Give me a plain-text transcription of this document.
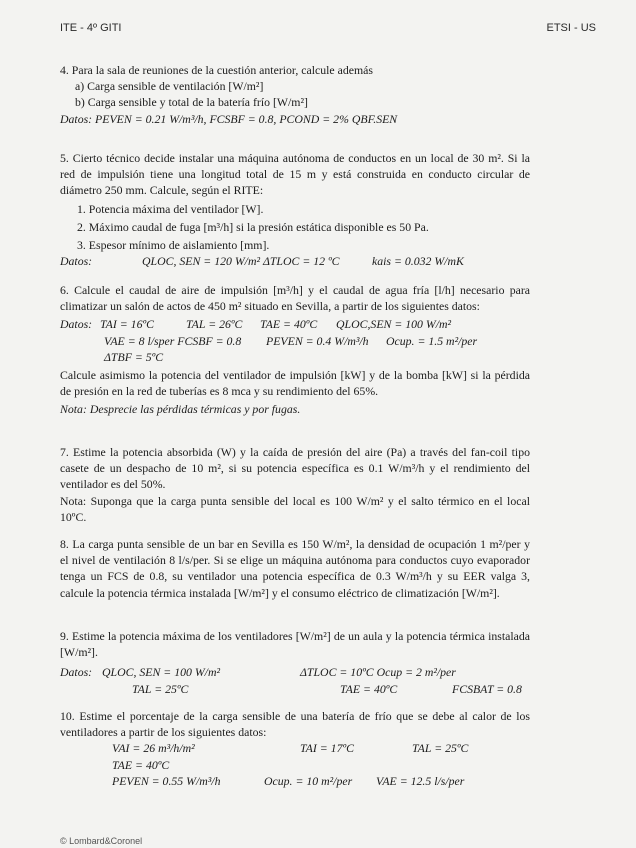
ITE - 4º GITI	ETSI - US

4. Para la sala de reuniones de la cuestión anterior, calcule además

a) Carga sensible de ventilación [W/m²]

b) Carga sensible y total de la batería frío [W/m²]

Datos: PEVEN = 0.21 W/m³/h, FCSBF = 0.8, PCOND = 2% QBF.SEN

5. Cierto técnico decide instalar una máquina autónoma de conductos en un local de 30 m². Si la red de impulsión tiene una longitud total de 15 m y está construida en conducto circular de diámetro 250 mm. Calcule, según el RITE:

1. Potencia máxima del ventilador [W].

2. Máximo caudal de fuga [m³/h] si la presión estática disponible es 50 Pa.

3. Espesor mínimo de aislamiento [mm].

Datos:	QLOC, SEN = 120 W/m² ΔTLOC = 12 ºC	kais = 0.032 W/mK

6. Calcule el caudal de aire de impulsión [m³/h] y el caudal de agua fría [l/h] necesario para climatizar un salón de actos de 450 m² situado en Sevilla, a partir de los siguientes datos:

Datos: TAI = 16ºC	TAL = 26ºC TAE = 40ºC QLOC,SEN = 100 W/m²
VAE = 8 l/sper FCSBF = 0.8 PEVEN = 0.4 W/m³/h Ocup. = 1.5 m²/per
ΔTBF = 5ºC

Calcule asimismo la potencia del ventilador de impulsión [kW] y de la bomba [kW] si la pérdida de presión en la red de tuberías es 8 mca y su rendimiento del 65%.

Nota: Desprecie las pérdidas térmicas y por fugas.

7. Estime la potencia absorbida (W) y la caída de presión del aire (Pa) a través del fan-coil tipo casete de un despacho de 10 m², si su potencia específica es 0.1 W/m³/h y el rendimiento del ventilador es del 50%.

Nota: Suponga que la carga punta sensible del local es 100 W/m² y el salto térmico en el local 10ºC.

8. La carga punta sensible de un bar en Sevilla es 150 W/m², la densidad de ocupación 1 m²/per y el nivel de ventilación 8 l/s/per. Si se elige un máquina autónoma para conductos cuyo evaporador tenga un FCS de 0.8, su ventilador una potencia específica de 0.3 W/m³/h y su EER valga 3, calcule la potencia térmica instalada [W/m²] y el consumo eléctrico de climatización [W/m²].

9. Estime la potencia máxima de los ventiladores [W/m²] de un aula y la potencia térmica instalada [W/m²].

Datos: QLOC, SEN = 100 W/m²	ΔTLOC = 10ºC Ocup = 2 m²/per
TAL = 25ºC	TAE = 40ºC	FCSBAT = 0.8

10. Estime el porcentaje de la carga sensible de una batería de frío que se debe al calor de los ventiladores a partir de los siguientes datos:

VAI = 26 m³/h/m²	TAI = 17ºC	TAL = 25ºC
TAE = 40ºC
PEVEN = 0.55 W/m³/h	Ocup. = 10 m²/per VAE = 12.5 l/s/per
© Lombard&Coronel
